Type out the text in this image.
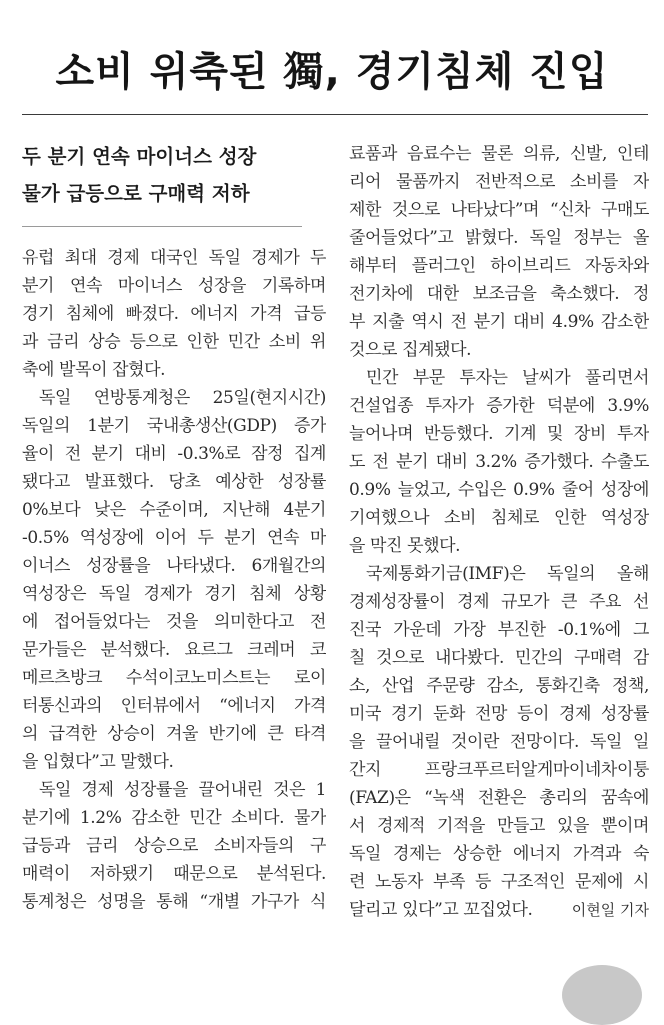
소비 위축된 獨, 경기침체 진입
두 분기 연속 마이너스 성장
물가 급등으로 구매력 저하
유럽 최대 경제 대국인 독일 경제가 두
분기 연속 마이너스 성장을 기록하며
경기 침체에 빠졌다. 에너지 가격 급등
과 금리 상승 등으로 인한 민간 소비 위
축에 발목이 잡혔다.
독일 연방통계청은 25일(현지시간)
독일의 1분기 국내총생산(GDP) 증가
율이 전 분기 대비 -0.3%로 잠정 집계
됐다고 발표했다. 당초 예상한 성장률
0%보다 낮은 수준이며, 지난해 4분기
-0.5% 역성장에 이어 두 분기 연속 마
이너스 성장률을 나타냈다. 6개월간의
역성장은 독일 경제가 경기 침체 상황
에 접어들었다는 것을 의미한다고 전
문가들은 분석했다. 요르그 크레머 코
메르츠방크 수석이코노미스트는 로이
터통신과의 인터뷰에서 “에너지 가격
의 급격한 상승이 겨울 반기에 큰 타격
을 입혔다”고 말했다.
독일 경제 성장률을 끌어내린 것은 1
분기에 1.2% 감소한 민간 소비다. 물가
급등과 금리 상승으로 소비자들의 구
매력이 저하됐기 때문으로 분석된다.
통계청은 성명을 통해 “개별 가구가 식
료품과 음료수는 물론 의류, 신발, 인테
리어 물품까지 전반적으로 소비를 자
제한 것으로 나타났다”며 “신차 구매도
줄어들었다”고 밝혔다. 독일 정부는 올
해부터 플러그인 하이브리드 자동차와
전기차에 대한 보조금을 축소했다. 정
부 지출 역시 전 분기 대비 4.9% 감소한
것으로 집계됐다.
민간 부문 투자는 날씨가 풀리면서
건설업종 투자가 증가한 덕분에 3.9%
늘어나며 반등했다. 기계 및 장비 투자
도 전 분기 대비 3.2% 증가했다. 수출도
0.9% 늘었고, 수입은 0.9% 줄어 성장에
기여했으나 소비 침체로 인한 역성장
을 막진 못했다.
국제통화기금(IMF)은 독일의 올해
경제성장률이 경제 규모가 큰 주요 선
진국 가운데 가장 부진한 -0.1%에 그
칠 것으로 내다봤다. 민간의 구매력 감
소, 산업 주문량 감소, 통화긴축 정책,
미국 경기 둔화 전망 등이 경제 성장률
을 끌어내릴 것이란 전망이다. 독일 일
간지 프랑크푸르터알게마이네차이퉁
(FAZ)은 “녹색 전환은 총리의 꿈속에
서 경제적 기적을 만들고 있을 뿐이며
독일 경제는 상승한 에너지 가격과 숙
련 노동자 부족 등 구조적인 문제에 시
달리고 있다”고 꼬집었다.	이현일 기자
